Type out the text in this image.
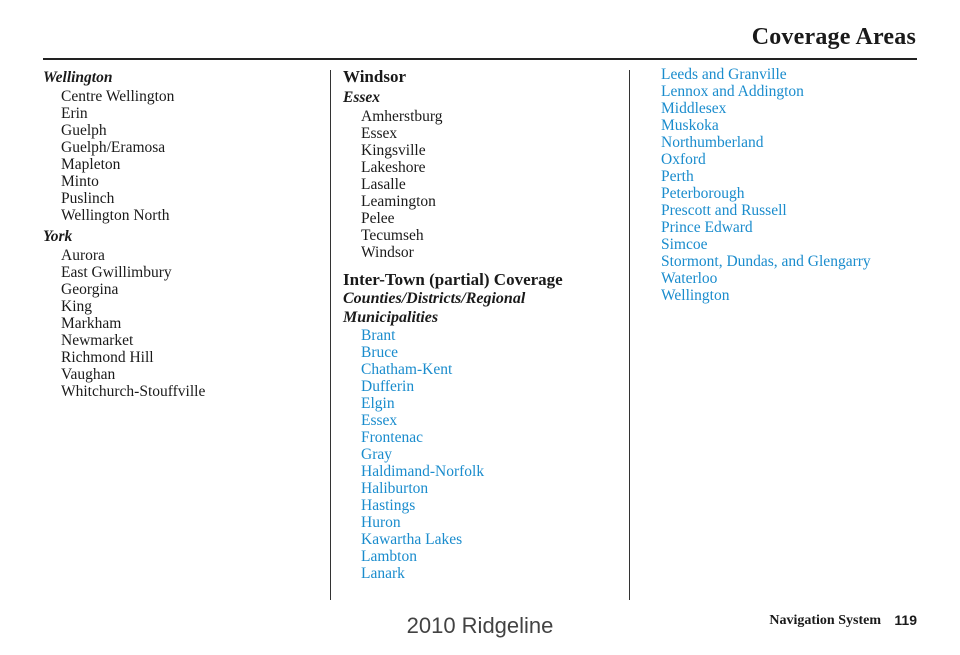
Coverage Areas
Wellington
Centre Wellington
Erin
Guelph
Guelph/Eramosa
Mapleton
Minto
Puslinch
Wellington North
York
Aurora
East Gwillimbury
Georgina
King
Markham
Newmarket
Richmond Hill
Vaughan
Whitchurch-Stouffville
Windsor
Essex
Amherstburg
Essex
Kingsville
Lakeshore
Lasalle
Leamington
Pelee
Tecumseh
Windsor
Inter-Town (partial) Coverage
Counties/Districts/Regional Municipalities
Brant
Bruce
Chatham-Kent
Dufferin
Elgin
Essex
Frontenac
Gray
Haldimand-Norfolk
Haliburton
Hastings
Huron
Kawartha Lakes
Lambton
Lanark
Leeds and Granville
Lennox and Addington
Middlesex
Muskoka
Northumberland
Oxford
Perth
Peterborough
Prescott and Russell
Prince Edward
Simcoe
Stormont, Dundas, and Glengarry
Waterloo
Wellington
Navigation System 119
2010 Ridgeline
